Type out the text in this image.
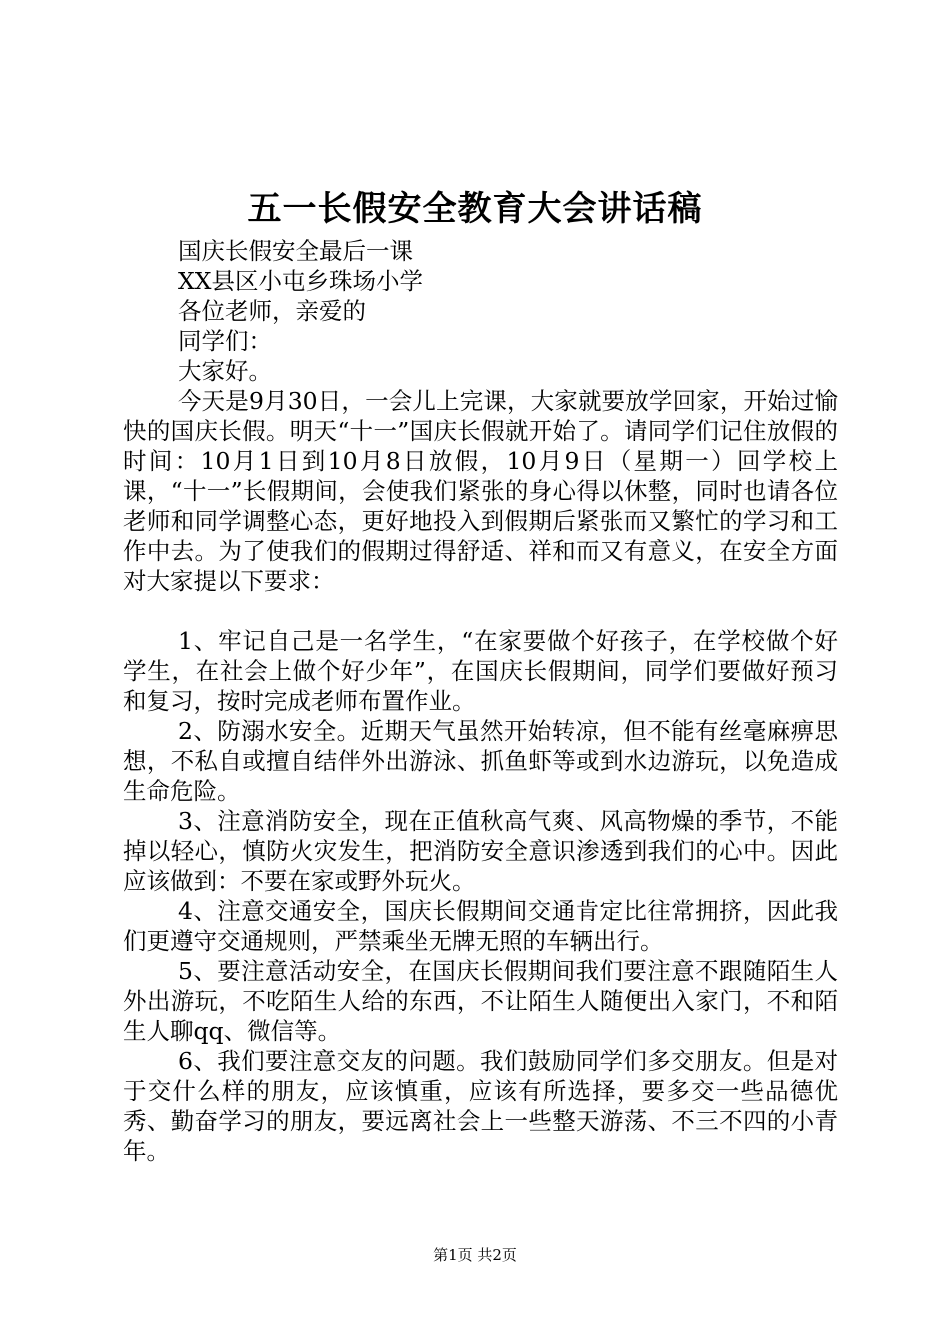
五一长假安全教育大会讲话稿
国庆长假安全最后一课
XX县区小屯乡珠场小学
各位老师，亲爱的
同学们：
大家好。
今天是9月30日，一会儿上完课，大家就要放学回家，开始过愉快的国庆长假。明天“十一”国庆长假就开始了。请同学们记住放假的时间：10月1日到10月8日放假，10月9日（星期一）回学校上课，“十一”长假期间，会使我们紧张的身心得以休整，同时也请各位老师和同学调整心态，更好地投入到假期后紧张而又繁忙的学习和工作中去。为了使我们的假期过得舒适、祥和而又有意义，在安全方面对大家提以下要求：
1、牢记自己是一名学生，“在家要做个好孩子，在学校做个好学生，在社会上做个好少年”，在国庆长假期间，同学们要做好预习和复习，按时完成老师布置作业。
2、防溺水安全。近期天气虽然开始转凉，但不能有丝毫麻痹思想，不私自或擅自结伴外出游泳、抓鱼虾等或到水边游玩，以免造成生命危险。
3、注意消防安全，现在正值秋高气爽、风高物燥的季节，不能掉以轻心，慎防火灾发生，把消防安全意识渗透到我们的心中。因此应该做到：不要在家或野外玩火。
4、注意交通安全，国庆长假期间交通肯定比往常拥挤，因此我们更遵守交通规则，严禁乘坐无牌无照的车辆出行。
5、要注意活动安全，在国庆长假期间我们要注意不跟随陌生人外出游玩，不吃陌生人给的东西，不让陌生人随便出入家门，不和陌生人聊qq、微信等。
6、我们要注意交友的问题。我们鼓励同学们多交朋友。但是对于交什么样的朋友，应该慎重，应该有所选择，要多交一些品德优秀、勤奋学习的朋友，要远离社会上一些整天游荡、不三不四的小青年。
第1页 共2页
